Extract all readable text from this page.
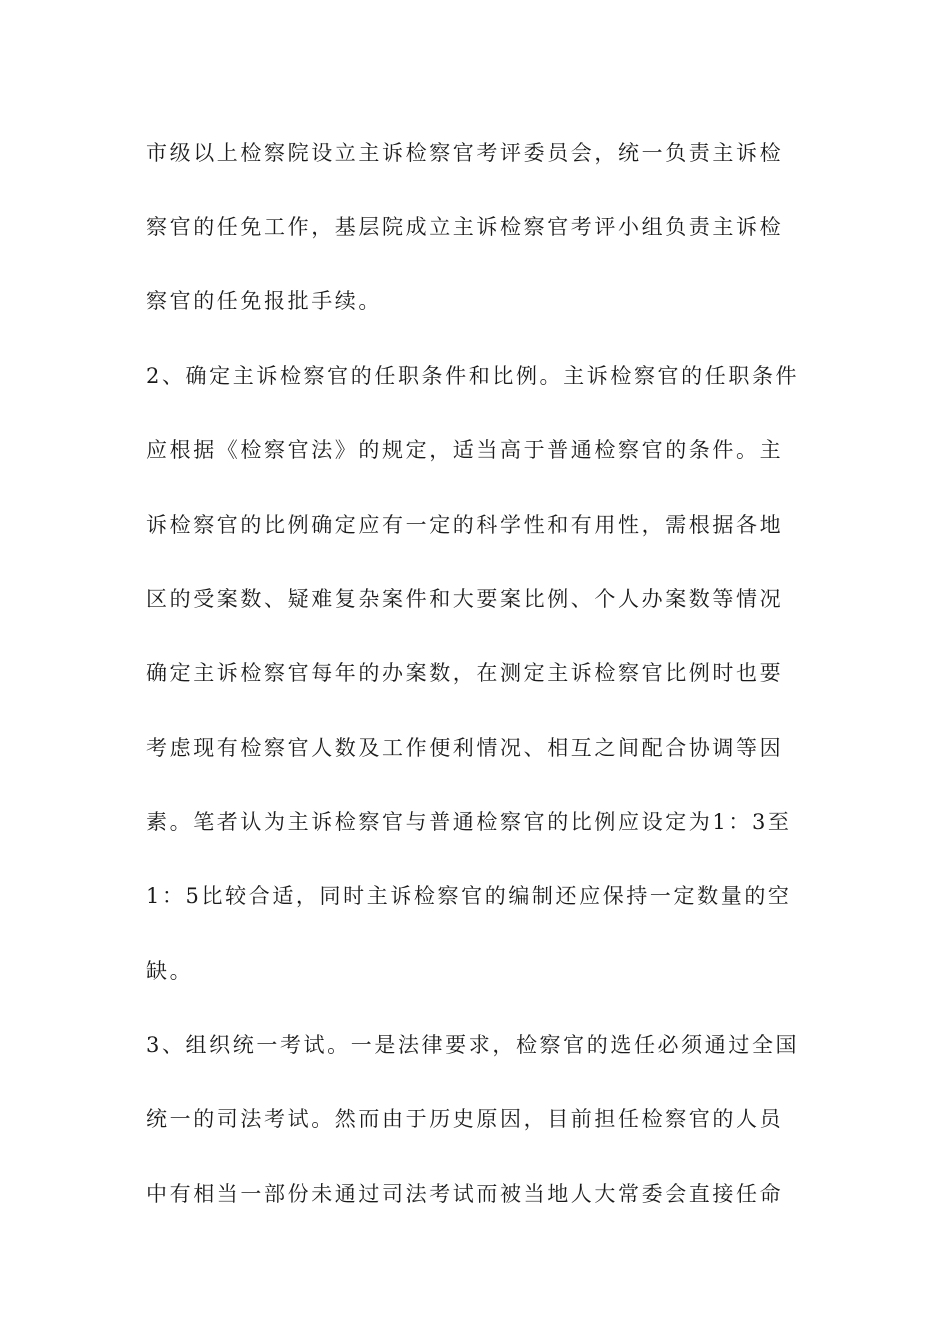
市级以上检察院设立主诉检察官考评委员会，统一负责主诉检
察官的任免工作，基层院成立主诉检察官考评小组负责主诉检
察官的任免报批手续。
2、确定主诉检察官的任职条件和比例。主诉检察官的任职条件
应根据《检察官法》的规定，适当高于普通检察官的条件。主
诉检察官的比例确定应有一定的科学性和有用性，需根据各地
区的受案数、疑难复杂案件和大要案比例、个人办案数等情况
确定主诉检察官每年的办案数，在测定主诉检察官比例时也要
考虑现有检察官人数及工作便利情况、相互之间配合协调等因
素。笔者认为主诉检察官与普通检察官的比例应设定为1：3至
1：5比较合适，同时主诉检察官的编制还应保持一定数量的空
缺。
3、组织统一考试。一是法律要求，检察官的选任必须通过全国
统一的司法考试。然而由于历史原因，目前担任检察官的人员
中有相当一部份未通过司法考试而被当地人大常委会直接任命
